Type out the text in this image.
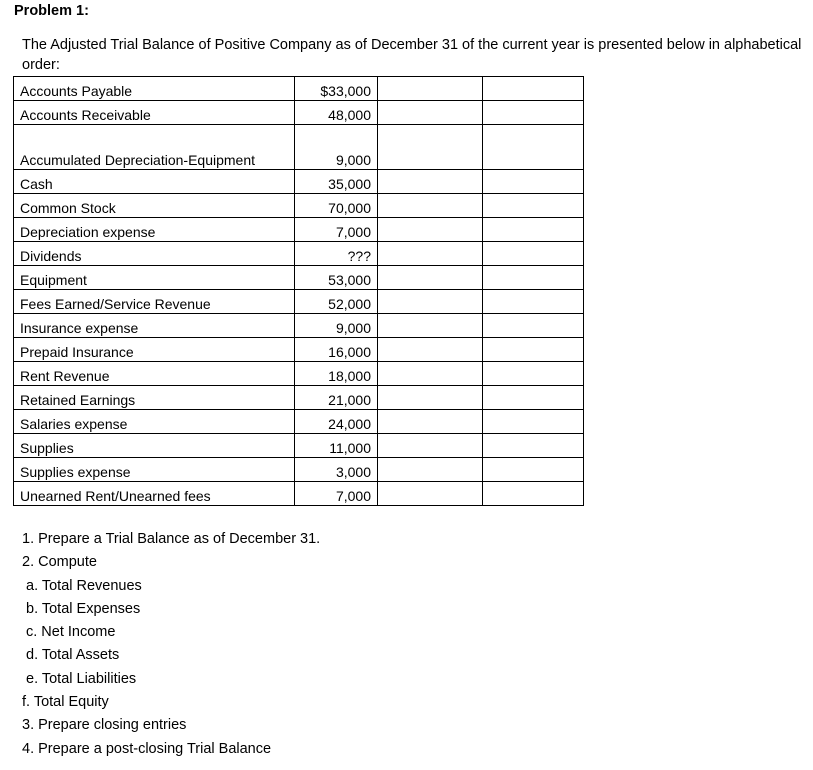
Problem 1:
The Adjusted Trial Balance of Positive Company as of December 31 of the current year is presented below in alphabetical order:
Accounts Payable	$33,000		
Accounts Receivable	48,000		
Accumulated Depreciation-Equipment	9,000		
Cash	35,000		
Common Stock	70,000		
Depreciation expense	7,000		
Dividends	???		
Equipment	53,000		
Fees Earned/Service Revenue	52,000		
Insurance expense	9,000		
Prepaid Insurance	16,000		
Rent Revenue	18,000		
Retained Earnings	21,000		
Salaries expense	24,000		
Supplies	11,000		
Supplies expense	3,000		
Unearned Rent/Unearned fees	7,000		
1. Prepare a Trial Balance as of December 31.
2. Compute
a. Total Revenues
b. Total Expenses
c. Net Income
d. Total Assets
e. Total Liabilities
f. Total Equity
3. Prepare closing entries
4. Prepare a post-closing Trial Balance
